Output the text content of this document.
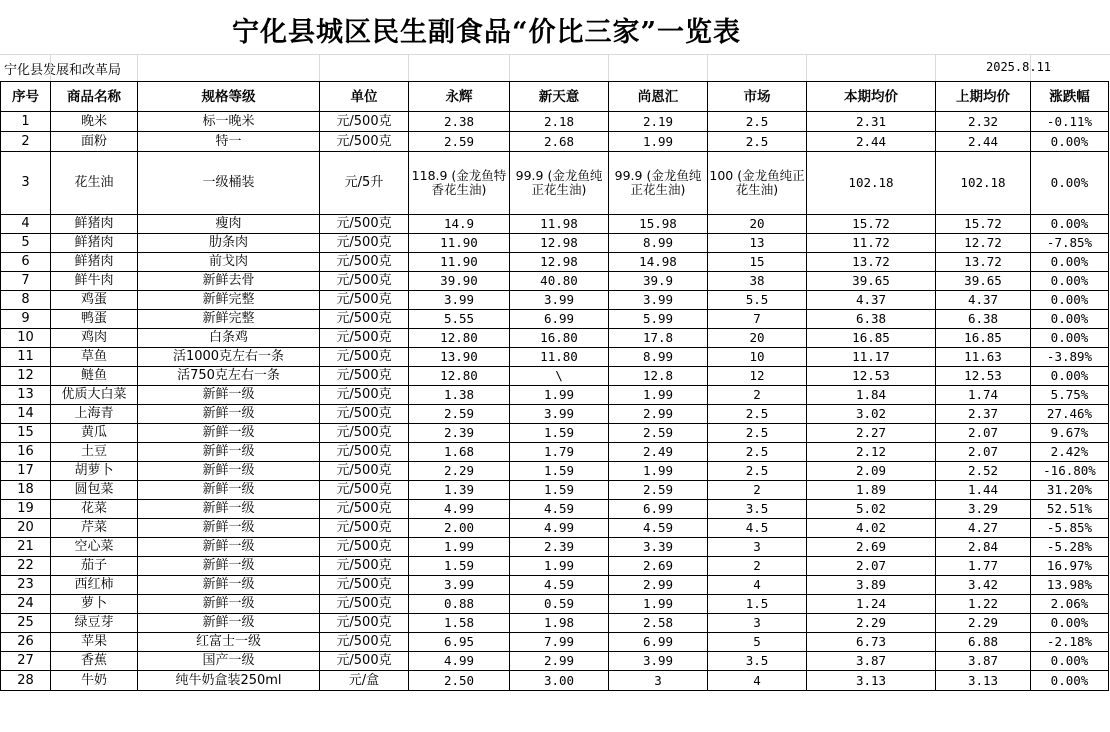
宁化县城区民生副食品“价比三家”一览表
宁化县发展和改革局	2025.8.11
序号	商品名称	规格等级	单位	永辉	新天意	尚恩汇	市场	本期均价	上期均价	涨跌幅
1	晚米	标一晚米	元/500克	2.38	2.18	2.19	2.5	2.31	2.32	-0.11%
2	面粉	特一	元/500克	2.59	2.68	1.99	2.5	2.44	2.44	0.00%
3	花生油	一级桶装	元/5升	118.9 (金龙鱼特香花生油)	99.9 (金龙鱼纯正花生油)	99.9 (金龙鱼纯正花生油)	100 (金龙鱼纯正花生油)	102.18	102.18	0.00%
4	鲜猪肉	瘦肉	元/500克	14.9	11.98	15.98	20	15.72	15.72	0.00%
5	鲜猪肉	肋条肉	元/500克	11.90	12.98	8.99	13	11.72	12.72	-7.85%
6	鲜猪肉	前戈肉	元/500克	11.90	12.98	14.98	15	13.72	13.72	0.00%
7	鲜牛肉	新鲜去骨	元/500克	39.90	40.80	39.9	38	39.65	39.65	0.00%
8	鸡蛋	新鲜完整	元/500克	3.99	3.99	3.99	5.5	4.37	4.37	0.00%
9	鸭蛋	新鲜完整	元/500克	5.55	6.99	5.99	7	6.38	6.38	0.00%
10	鸡肉	白条鸡	元/500克	12.80	16.80	17.8	20	16.85	16.85	0.00%
11	草鱼	活1000克左右一条	元/500克	13.90	11.80	8.99	10	11.17	11.63	-3.89%
12	鲢鱼	活750克左右一条	元/500克	12.80	\	12.8	12	12.53	12.53	0.00%
13	优质大白菜	新鲜一级	元/500克	1.38	1.99	1.99	2	1.84	1.74	5.75%
14	上海青	新鲜一级	元/500克	2.59	3.99	2.99	2.5	3.02	2.37	27.46%
15	黄瓜	新鲜一级	元/500克	2.39	1.59	2.59	2.5	2.27	2.07	9.67%
16	土豆	新鲜一级	元/500克	1.68	1.79	2.49	2.5	2.12	2.07	2.42%
17	胡萝卜	新鲜一级	元/500克	2.29	1.59	1.99	2.5	2.09	2.52	-16.80%
18	圆包菜	新鲜一级	元/500克	1.39	1.59	2.59	2	1.89	1.44	31.20%
19	花菜	新鲜一级	元/500克	4.99	4.59	6.99	3.5	5.02	3.29	52.51%
20	芹菜	新鲜一级	元/500克	2.00	4.99	4.59	4.5	4.02	4.27	-5.85%
21	空心菜	新鲜一级	元/500克	1.99	2.39	3.39	3	2.69	2.84	-5.28%
22	茄子	新鲜一级	元/500克	1.59	1.99	2.69	2	2.07	1.77	16.97%
23	西红柿	新鲜一级	元/500克	3.99	4.59	2.99	4	3.89	3.42	13.98%
24	萝卜	新鲜一级	元/500克	0.88	0.59	1.99	1.5	1.24	1.22	2.06%
25	绿豆芽	新鲜一级	元/500克	1.58	1.98	2.58	3	2.29	2.29	0.00%
26	苹果	红富士一级	元/500克	6.95	7.99	6.99	5	6.73	6.88	-2.18%
27	香蕉	国产一级	元/500克	4.99	2.99	3.99	3.5	3.87	3.87	0.00%
28	牛奶	纯牛奶盒装250ml	元/盒	2.50	3.00	3	4	3.13	3.13	0.00%
